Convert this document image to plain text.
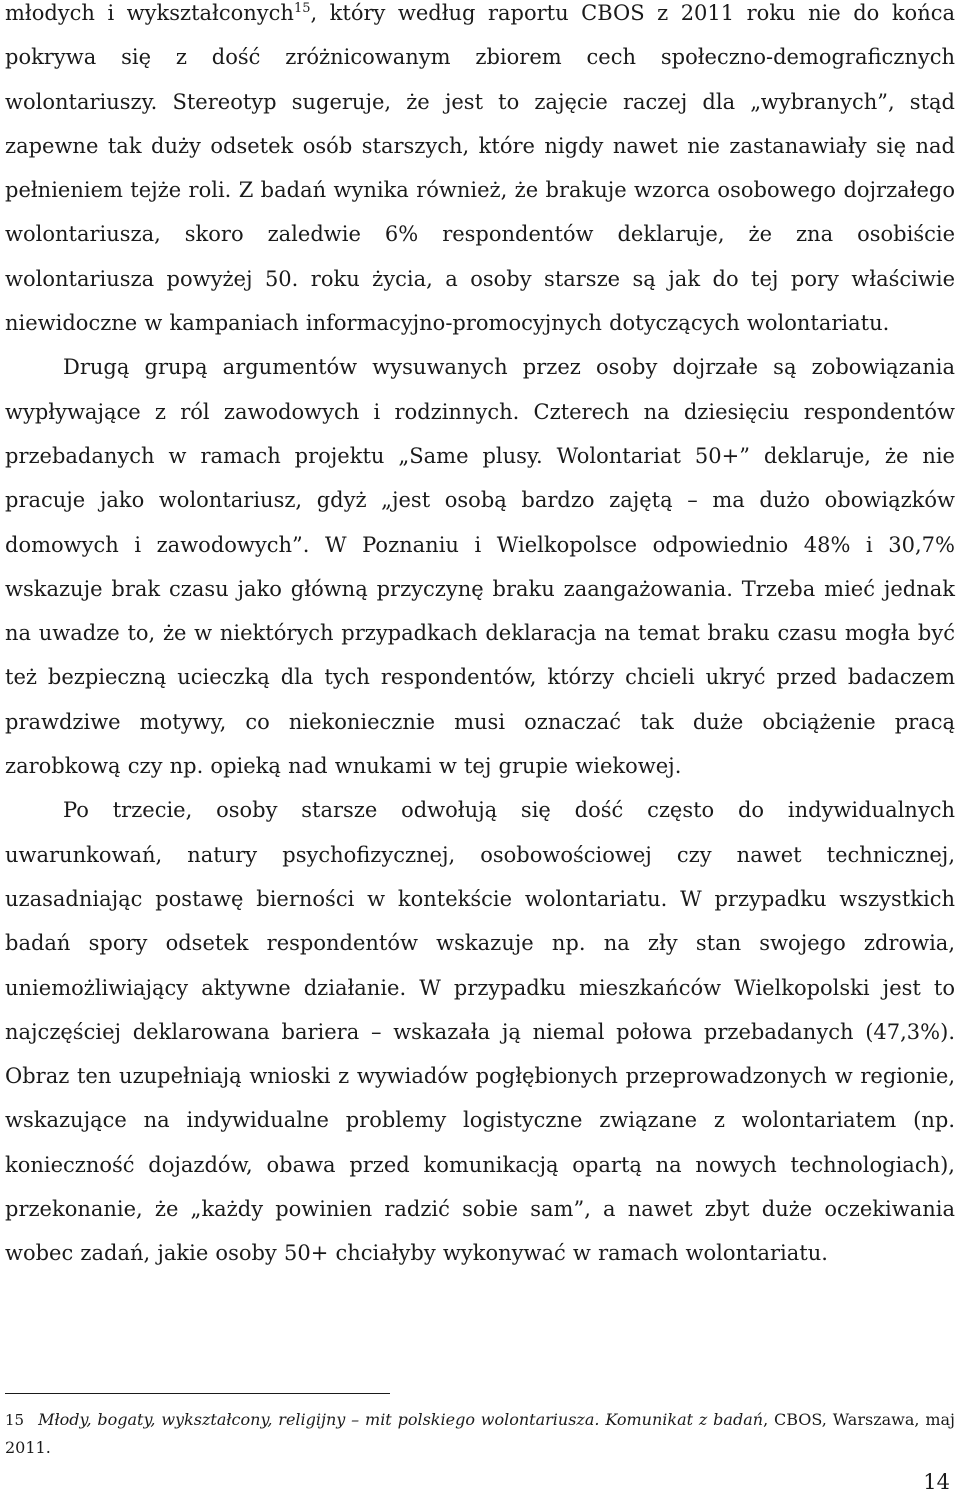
młodych i wykształconych$^{15}$, który według raportu CBOS z 2011 roku nie do końca pokrywa się z dość zróżnicowanym zbiorem cech społeczno-demograficznych wolontariuszy. Stereotyp sugeruje, że jest to zajęcie raczej dla „wybranych”, stąd zapewne tak duży odsetek osób starszych, które nigdy nawet nie zastanawiały się nad pełnieniem tejże roli. Z badań wynika również, że brakuje wzorca osobowego dojrzałego wolontariusza, skoro zaledwie 6% respondentów deklaruje, że zna osobiście wolontariusza powyżej 50. roku życia, a osoby starsze są jak do tej pory właściwie niewidoczne w kampaniach informacyjno-promocyjnych dotyczących wolontariatu.

Drugą grupą argumentów wysuwanych przez osoby dojrzałe są zobowiązania wypływające z ról zawodowych i rodzinnych. Czterech na dziesięciu respondentów przebadanych w ramach projektu „Same plusy. Wolontariat 50+” deklaruje, że nie pracuje jako wolontariusz, gdyż „jest osobą bardzo zajętą – ma dużo obowiązków domowych i zawodowych”. W Poznaniu i Wielkopolsce odpowiednio 48% i 30,7% wskazuje brak czasu jako główną przyczynę braku zaangażowania. Trzeba mieć jednak na uwadze to, że w niektórych przypadkach deklaracja na temat braku czasu mogła być też bezpieczną ucieczką dla tych respondentów, którzy chcieli ukryć przed badaczem prawdziwe motywy, co niekoniecznie musi oznaczać tak duże obciążenie pracą zarobkową czy np. opieką nad wnukami w tej grupie wiekowej.

Po trzecie, osoby starsze odwołują się dość często do indywidualnych uwarunkowań, natury psychofizycznej, osobowościowej czy nawet technicznej, uzasadniając postawę bierności w kontekście wolontariatu. W przypadku wszystkich badań spory odsetek respondentów wskazuje np. na zły stan swojego zdrowia, uniemożliwiający aktywne działanie. W przypadku mieszkańców Wielkopolski jest to najczęściej deklarowana bariera – wskazała ją niemal połowa przebadanych (47,3%). Obraz ten uzupełniają wnioski z wywiadów pogłębionych przeprowadzonych w regionie, wskazujące na indywidualne problemy logistyczne związane z wolontariatem (np. konieczność dojazdów, obawa przed komunikacją opartą na nowych technologiach), przekonanie, że „każdy powinien radzić sobie sam”, a nawet zbyt duże oczekiwania wobec zadań, jakie osoby 50+ chciałyby wykonywać w ramach wolontariatu.

15 Młody, bogaty, wykształcony, religijny – mit polskiego wolontariusza. Komunikat z badań, CBOS, Warszawa, maj 2011.
14
